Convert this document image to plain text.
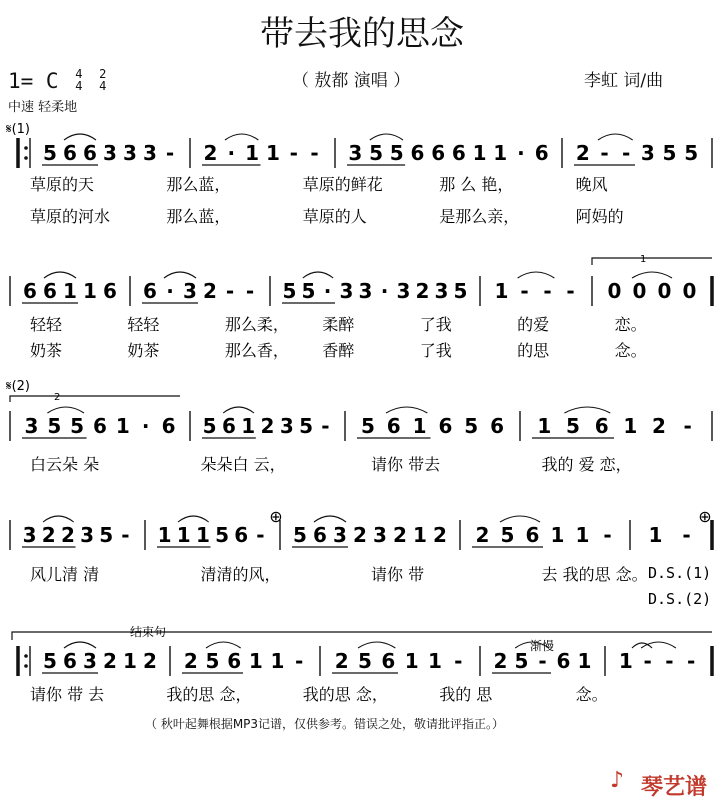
带去我的思念
1= C 4
4 2
4	（ 敖都 演唱 ）	李虹 词/曲
中速 轻柔地
（ 秋叶起舞根据MP3记谱，仅供参考。错误之处，敬请批评指正。）
♪ 琴艺谱
5 6 6 3 3 3 - 2 · 1 1 - - 3 5 5 6 6 6 1 1 · 6 2 - - 3 5 5
草原的天	那么蓝，	草原的鲜花	那 么 艳，	晚风
草原的河水	那么蓝，	草原的人	是那么亲，	阿妈的
6 6 1 1 6 6 · 3 2 - - 5 5 · 3 3 · 3 2 3 5 1 - - - 0 0 0 0
轻轻	轻轻	那么柔， 柔醉	了我	的爱	恋。
奶茶	奶茶	那么香， 香醉	了我	的思	念。
3 5 5 6 1 · 6 5 6 1 2 3 5 - 5 6 1 6 5 6 1 5 6 1 2 -
白云朵 朵	朵朵白 云，	请你 带去	我的 爱 恋，
3 2 2 3 5 - 1 1 1 5 6 - 5 6 3 2 3 2 1 2 2 5 6 1 1 - 1 -
风儿清 清	清清的风，	请你 带	去 我的思 念。
5 6 3 2 1 2 2 5 6 1 1 - 2 5 6 1 1 - 2 5 - 6 1 1 - - -
请你 带 去	我的思 念，	我的思 念，	我的 思	念。
𝄋(1)
𝄋(2)
1
2
⊕	⊕
D.S.(1)
D.S.(2)
结束句
渐慢
